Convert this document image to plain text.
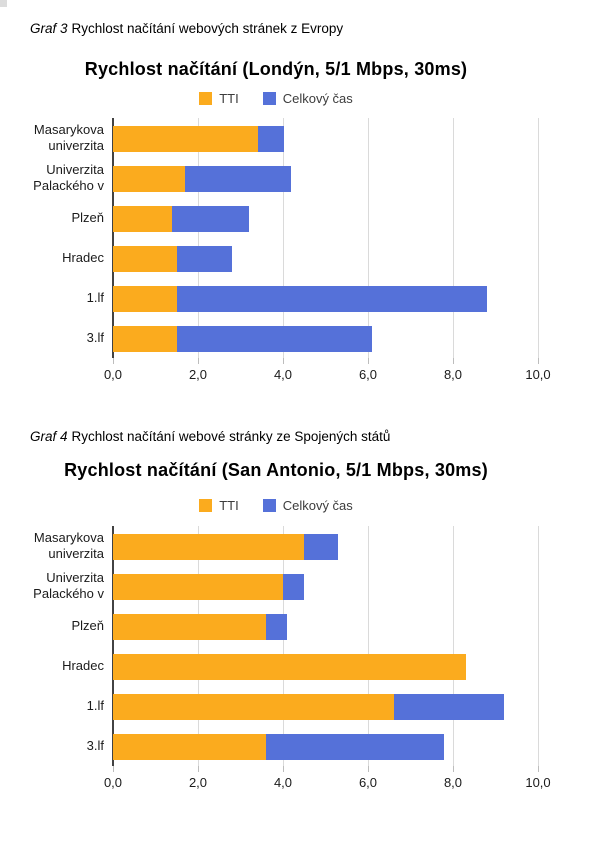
Graf 3 Rychlost načítání webových stránek z Evropy

Rychlost načítání (Londýn, 5/1 Mbps, 30ms)
TTI	Celkový čas
0,0	2,0	4,0	6,0	8,0	10,0
Masarykova
univerzita
Univerzita
Palackého v
Plzeň
Hradec
1.lf
3.lf

Graf 4 Rychlost načítání webové stránky ze Spojených států

Rychlost načítání (San Antonio, 5/1 Mbps, 30ms)
TTI	Celkový čas
0,0	2,0	4,0	6,0	8,0	10,0
Masarykova
univerzita
Univerzita
Palackého v
Plzeň
Hradec
1.lf
3.lf
